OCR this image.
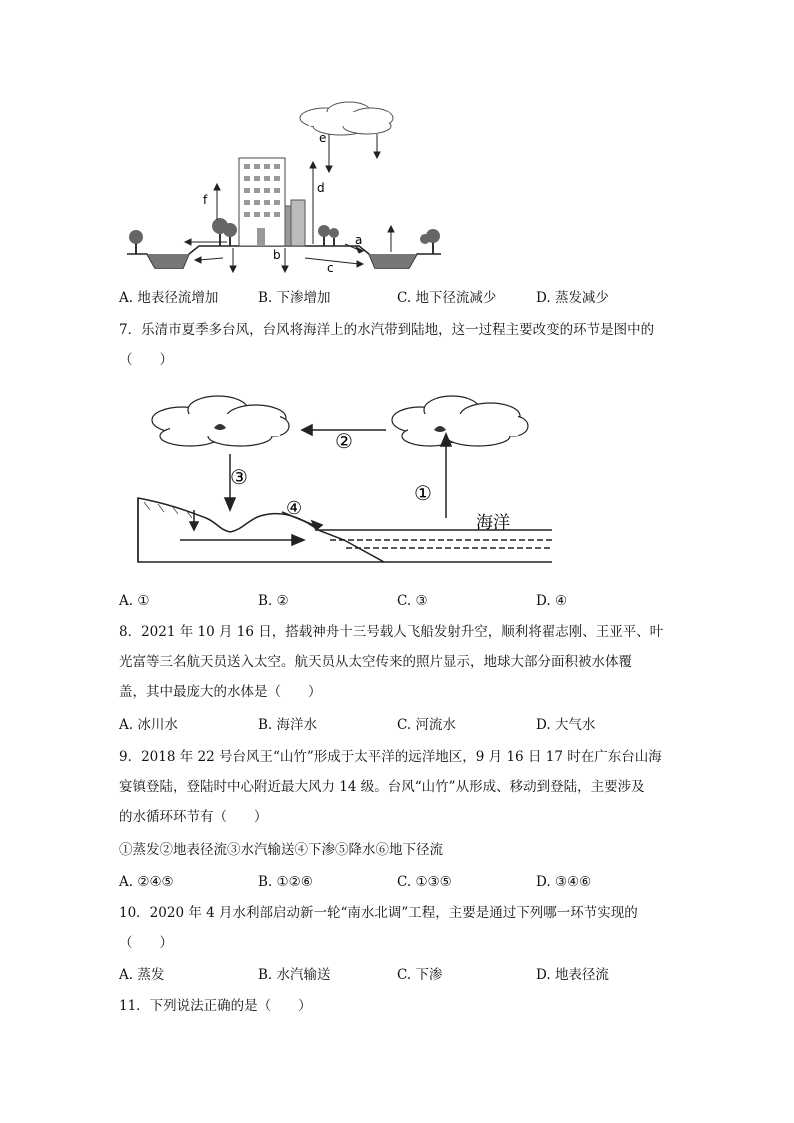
e
d
f
a
b
c
A. 地表径流增加	B. 下渗增加	C. 地下径流减少	D. 蒸发减少
7．乐清市夏季多台风，台风将海洋上的水汽带到陆地，这一过程主要改变的环节是图中的
（　　）
②
③
①
④
海洋
A. ①	B. ②	C. ③	D. ④
8．2021 年 10 月 16 日，搭载神舟十三号载人飞船发射升空，顺利将翟志刚、王亚平、叶
光富等三名航天员送入太空。航天员从太空传来的照片显示，地球大部分面积被水体覆
盖，其中最庞大的水体是（　　）
A. 冰川水	B. 海洋水	C. 河流水	D. 大气水
9．2018 年 22 号台风王“山竹”形成于太平洋的远洋地区，9 月 16 日 17 时在广东台山海
宴镇登陆，登陆时中心附近最大风力 14 级。台风“山竹”从形成、移动到登陆，主要涉及
的水循环环节有（　　）
①蒸发②地表径流③水汽输送④下渗⑤降水⑥地下径流
A. ②④⑤	B. ①②⑥	C. ①③⑤	D. ③④⑥
10．2020 年 4 月水利部启动新一轮“南水北调”工程，主要是通过下列哪一环节实现的
（　　）
A. 蒸发	B. 水汽输送	C. 下渗	D. 地表径流
11．下列说法正确的是（　　）
